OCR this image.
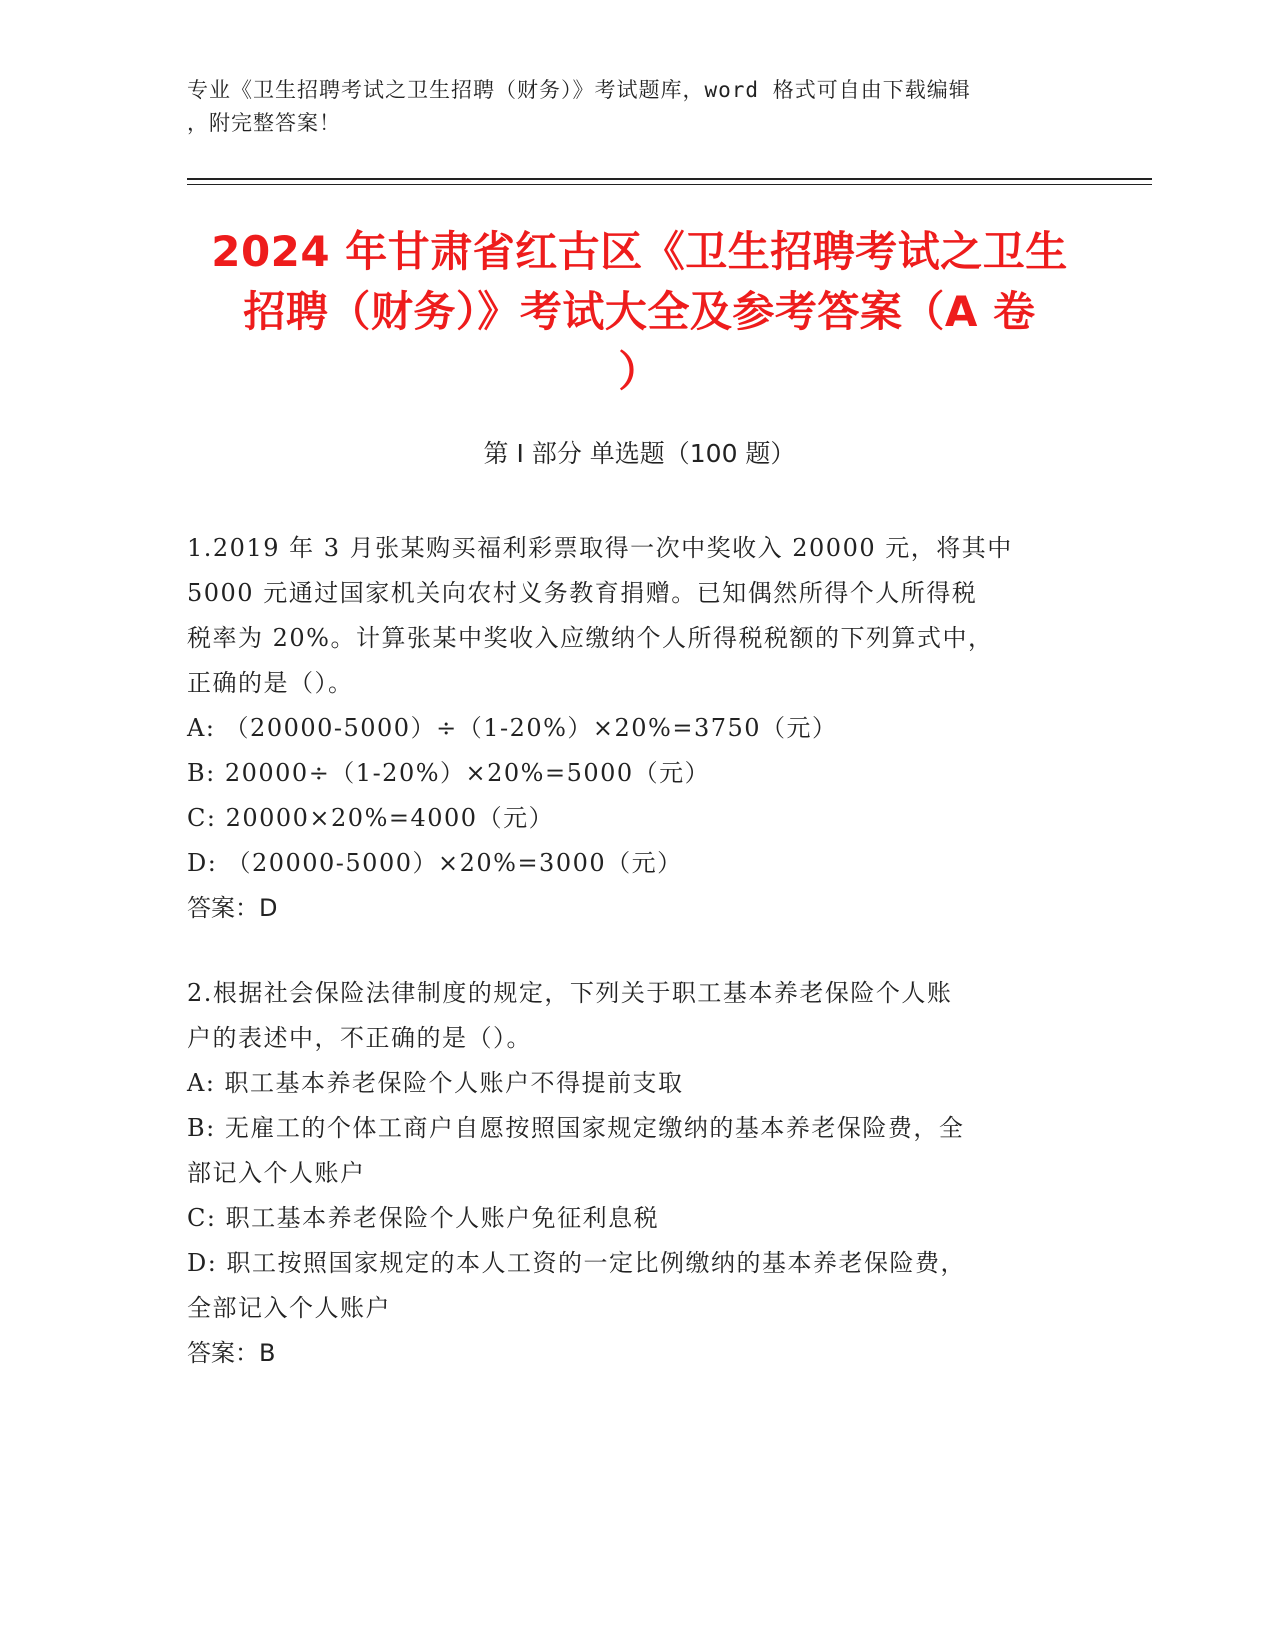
专业《卫生招聘考试之卫生招聘（财务）》考试题库，word 格式可自由下载编辑
，附完整答案！
2024 年甘肃省红古区《卫生招聘考试之卫生
招聘（财务）》考试大全及参考答案（A 卷
）
第 I 部分 单选题（100 题）

1.2019 年 3 月张某购买福利彩票取得一次中奖收入 20000 元，将其中

5000 元通过国家机关向农村义务教育捐赠。已知偶然所得个人所得税

税率为 20%。计算张某中奖收入应缴纳个人所得税税额的下列算式中，

正确的是（）。

A: （20000-5000）÷（1-20%）×20%=3750（元）

B: 20000÷（1-20%）×20%=5000（元）

C: 20000×20%=4000（元）

D: （20000-5000）×20%=3000（元）

答案：D

2.根据社会保险法律制度的规定，下列关于职工基本养老保险个人账

户的表述中，不正确的是（）。

A: 职工基本养老保险个人账户不得提前支取

B: 无雇工的个体工商户自愿按照国家规定缴纳的基本养老保险费，全

部记入个人账户

C: 职工基本养老保险个人账户免征利息税

D: 职工按照国家规定的本人工资的一定比例缴纳的基本养老保险费，

全部记入个人账户

答案：B
